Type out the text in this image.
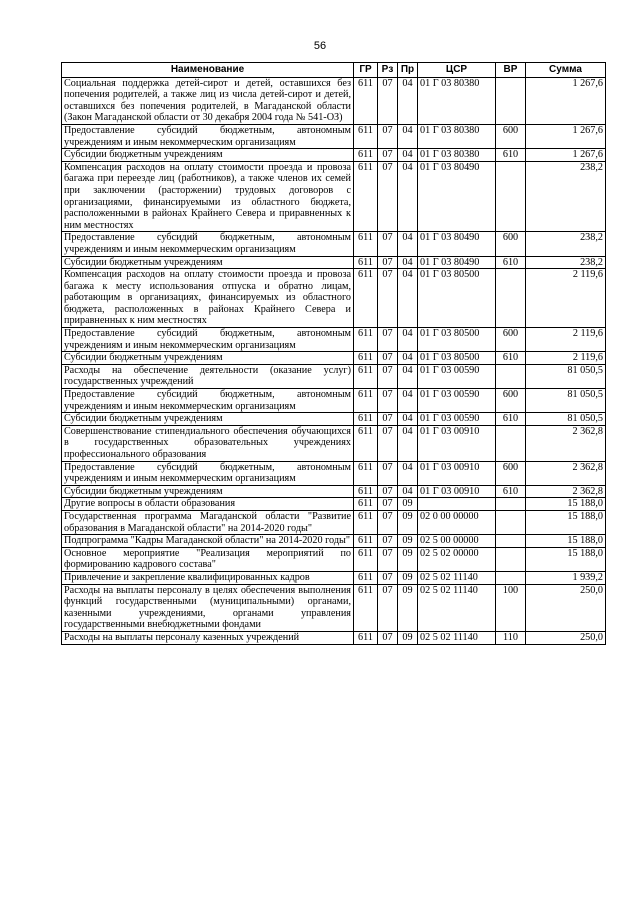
56
Наименование	ГР	Рз	Пр	ЦСР	ВР	Сумма
Социальная поддержка детей-сирот и детей, оставшихся без попечения родителей, а также лиц из числа детей-сирот и детей, оставшихся без попечения родителей, в Магаданской области (Закон Магаданской области от 30 декабря 2004 года № 541-ОЗ)	611	07	04	01 Г 03 80380		1 267,6
Предоставление субсидий бюджетным, автономным учреждениям и иным некоммерческим организациям	611	07	04	01 Г 03 80380	600	1 267,6
Субсидии бюджетным учреждениям	611	07	04	01 Г 03 80380	610	1 267,6
Компенсация расходов на оплату стоимости проезда и провоза багажа при переезде лиц (работников), а также членов их семей при заключении (расторжении) трудовых договоров с организациями, финансируемыми из областного бюджета, расположенными в районах Крайнего Севера и приравненных к ним местностях	611	07	04	01 Г 03 80490		238,2
Предоставление субсидий бюджетным, автономным учреждениям и иным некоммерческим организациям	611	07	04	01 Г 03 80490	600	238,2
Субсидии бюджетным учреждениям	611	07	04	01 Г 03 80490	610	238,2
Компенсация расходов на оплату стоимости проезда и провоза багажа к месту использования отпуска и обратно лицам, работающим в организациях, финансируемых из областного бюджета, расположенных в районах Крайнего Севера и приравненных к ним местностях	611	07	04	01 Г 03 80500		2 119,6
Предоставление субсидий бюджетным, автономным учреждениям и иным некоммерческим организациям	611	07	04	01 Г 03 80500	600	2 119,6
Субсидии бюджетным учреждениям	611	07	04	01 Г 03 80500	610	2 119,6
Расходы на обеспечение деятельности (оказание услуг) государственных учреждений	611	07	04	01 Г 03 00590		81 050,5
Предоставление субсидий бюджетным, автономным учреждениям и иным некоммерческим организациям	611	07	04	01 Г 03 00590	600	81 050,5
Субсидии бюджетным учреждениям	611	07	04	01 Г 03 00590	610	81 050,5
Совершенствование стипендиального обеспечения обучающихся в государственных образовательных учреждениях профессионального образования	611	07	04	01 Г 03 00910		2 362,8
Предоставление субсидий бюджетным, автономным учреждениям и иным некоммерческим организациям	611	07	04	01 Г 03 00910	600	2 362,8
Субсидии бюджетным учреждениям	611	07	04	01 Г 03 00910	610	2 362,8
Другие вопросы в области образования	611	07	09			15 188,0
Государственная программа Магаданской области "Развитие образования в Магаданской области" на 2014-2020 годы"	611	07	09	02 0 00 00000		15 188,0
Подпрограмма "Кадры Магаданской области" на 2014-2020 годы"	611	07	09	02 5 00 00000		15 188,0
Основное мероприятие "Реализация мероприятий по формированию кадрового состава"	611	07	09	02 5 02 00000		15 188,0
Привлечение и закрепление квалифицированных кадров	611	07	09	02 5 02 11140		1 939,2
Расходы на выплаты персоналу в целях обеспечения выполнения функций государственными (муниципальными) органами, казенными учреждениями, органами управления государственными внебюджетными фондами	611	07	09	02 5 02 11140	100	250,0
Расходы на выплаты персоналу казенных учреждений	611	07	09	02 5 02 11140	110	250,0
